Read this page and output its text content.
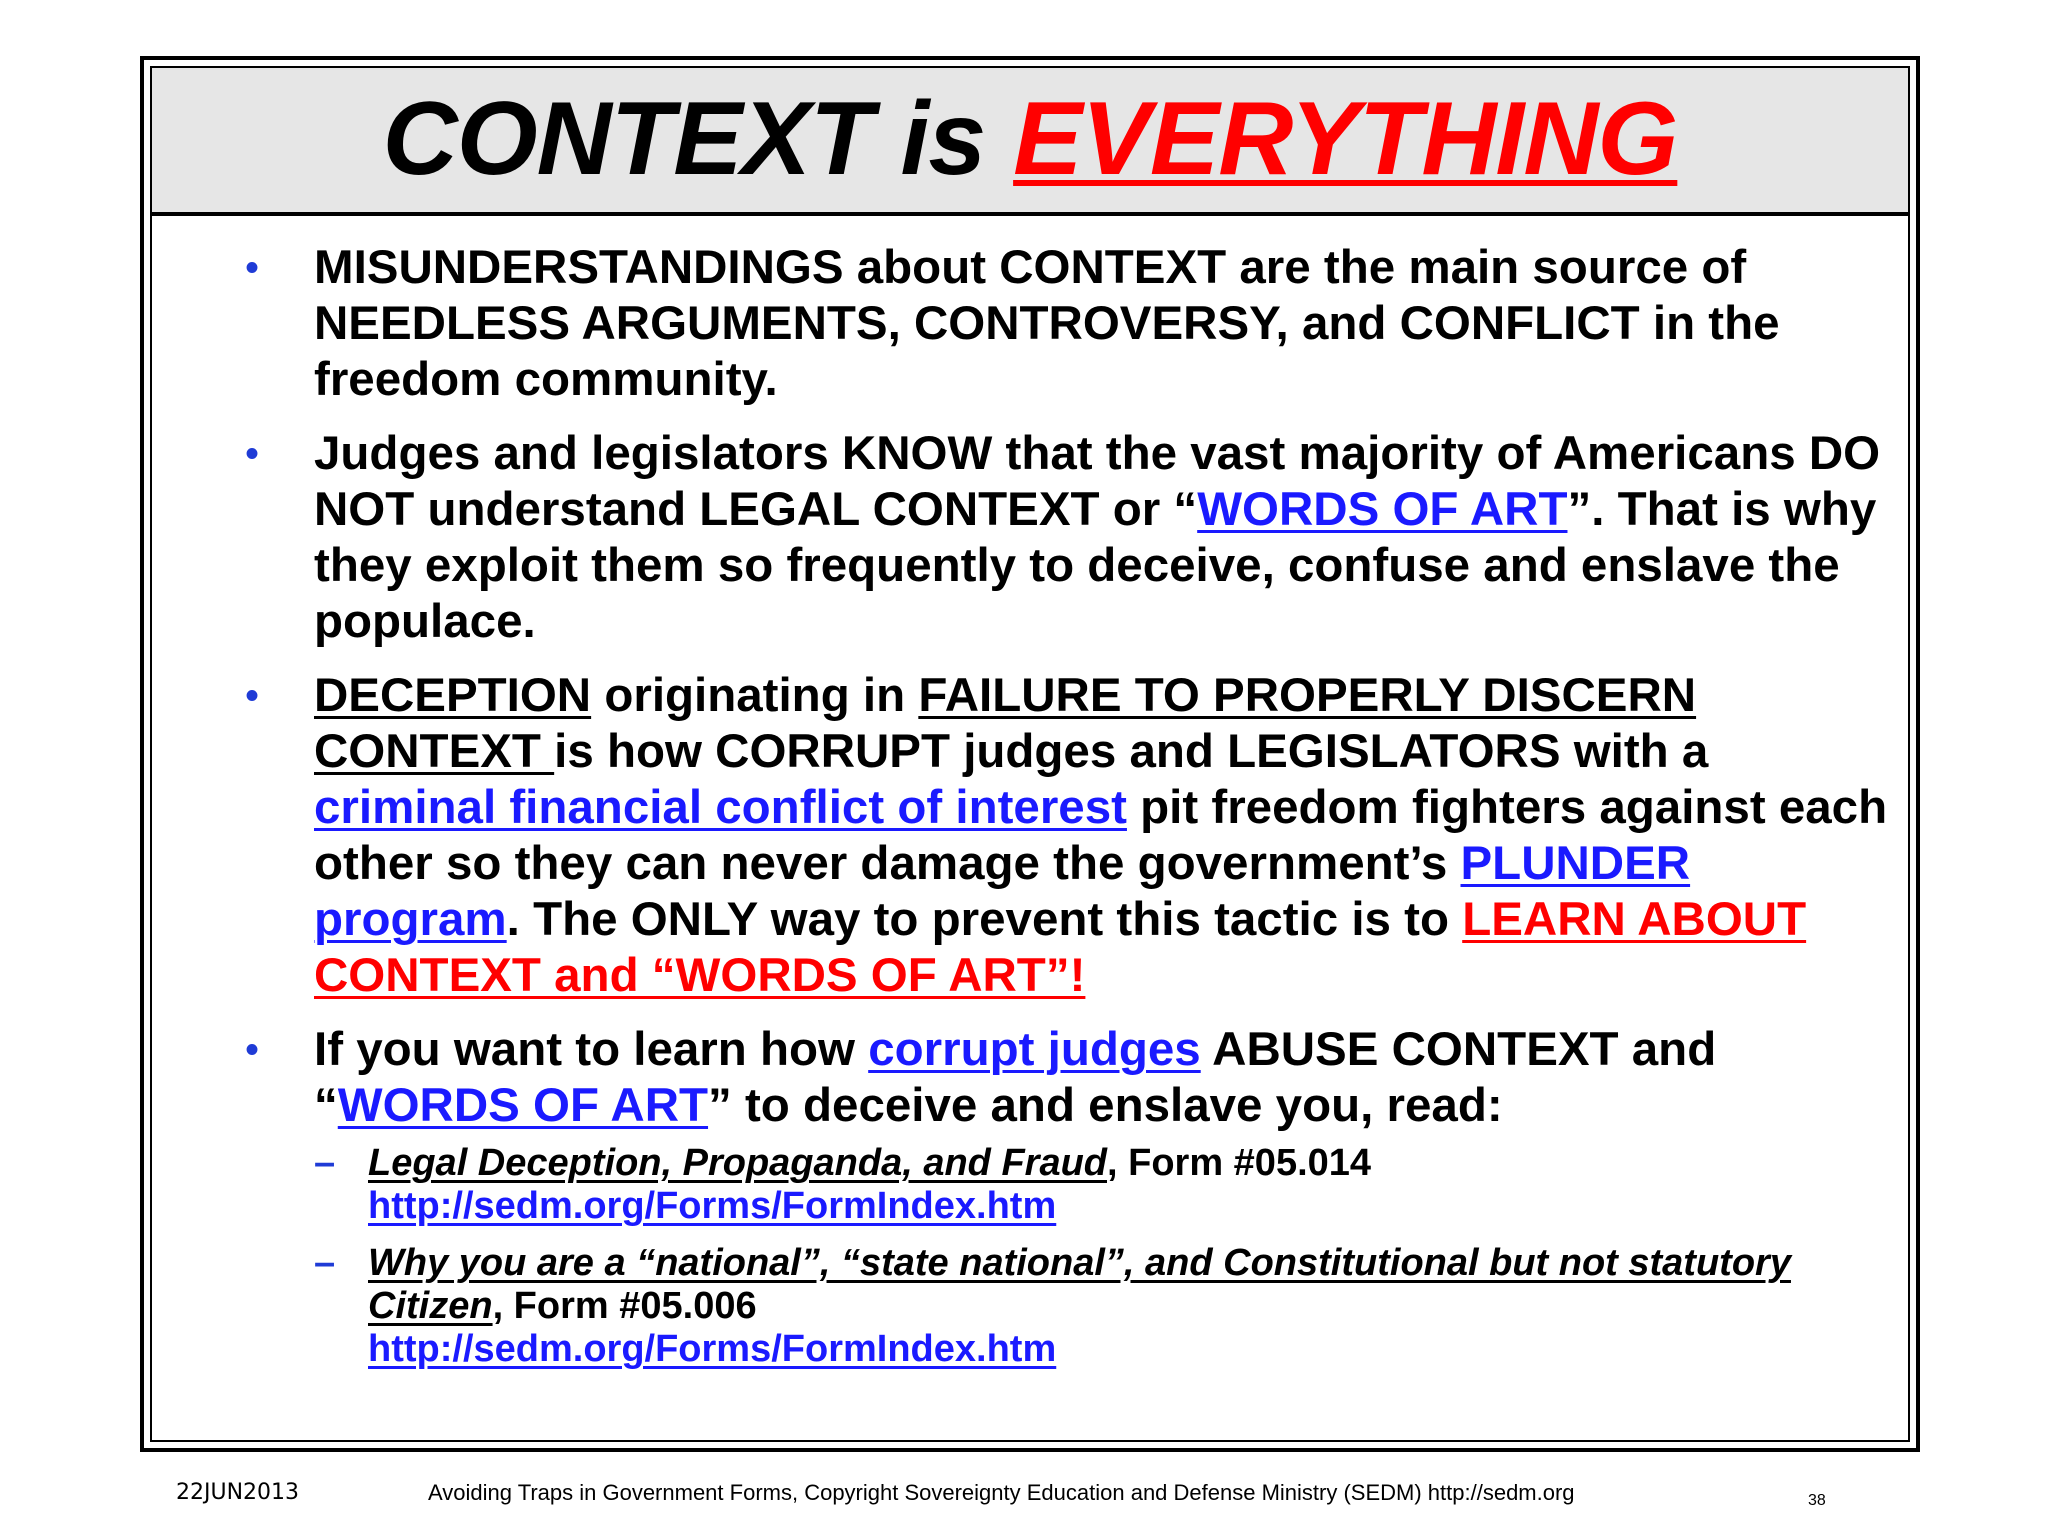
CONTEXT is EVERYTHING
• MISUNDERSTANDINGS about CONTEXT are the main source of NEEDLESS ARGUMENTS, CONTROVERSY, and CONFLICT in the freedom community.
• Judges and legislators KNOW that the vast majority of Americans DO NOT understand LEGAL CONTEXT or “WORDS OF ART”. That is why they exploit them so frequently to deceive, confuse and enslave the populace.
• DECEPTION originating in FAILURE TO PROPERLY DISCERN CONTEXT is how CORRUPT judges and LEGISLATORS with a criminal financial conflict of interest pit freedom fighters against each other so they can never damage the government’s PLUNDER program. The ONLY way to prevent this tactic is to LEARN ABOUT CONTEXT and “WORDS OF ART”!
• If you want to learn how corrupt judges ABUSE CONTEXT and “WORDS OF ART” to deceive and enslave you, read:
– Legal Deception, Propaganda, and Fraud, Form #05.014
http://sedm.org/Forms/FormIndex.htm
– Why you are a “national”, “state national”, and Constitutional but not statutory Citizen, Form #05.006
http://sedm.org/Forms/FormIndex.htm
22JUN2013	Avoiding Traps in Government Forms, Copyright Sovereignty Education and Defense Ministry (SEDM) http://sedm.org	38
